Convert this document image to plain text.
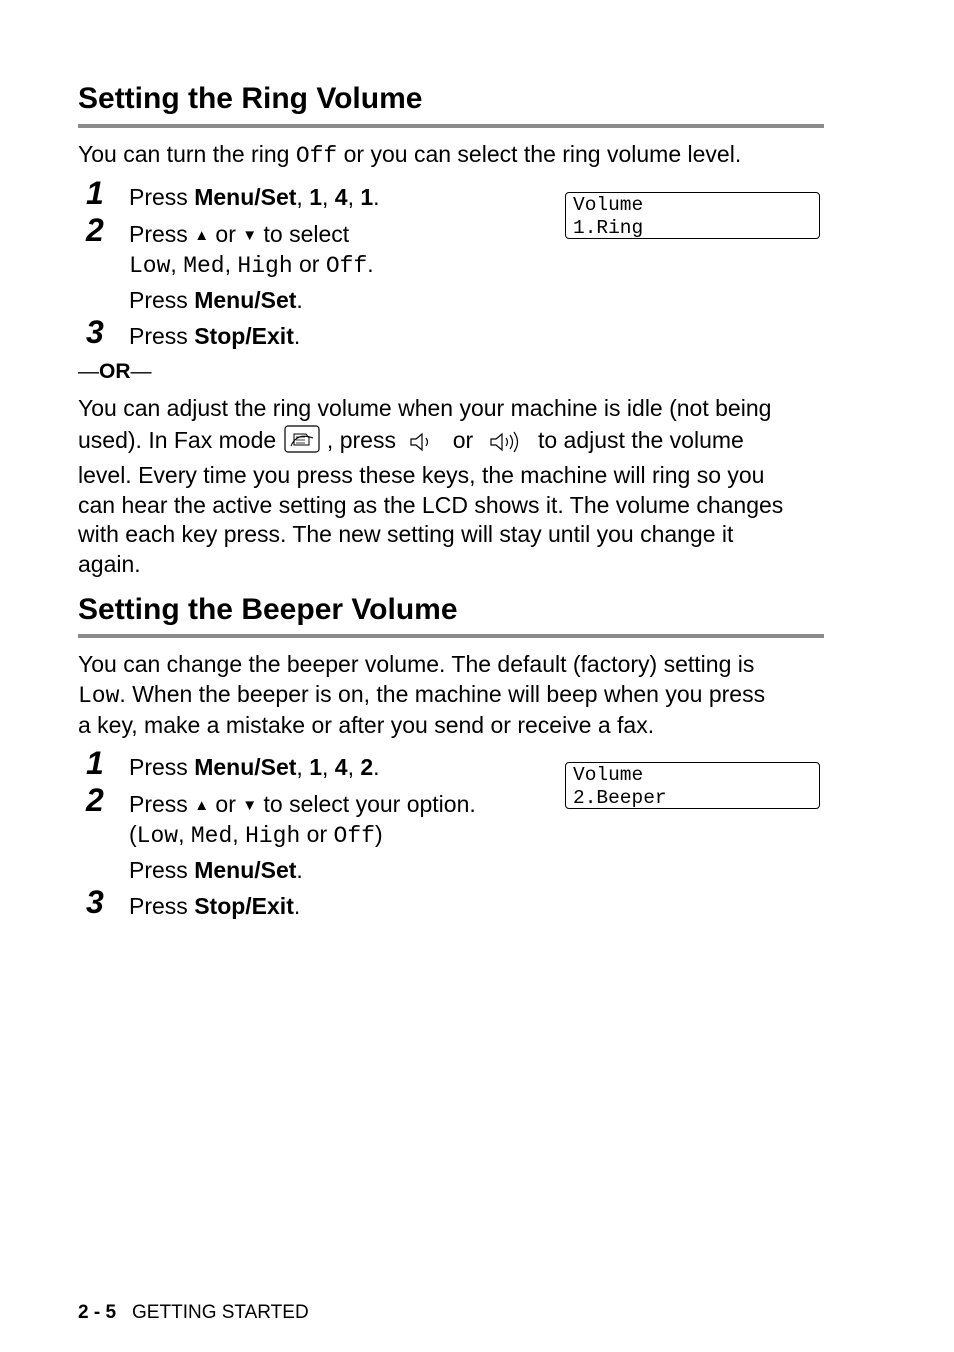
Setting the Ring Volume

You can turn the ring Off or you can select the ring volume level.

1 Press Menu/Set, 1, 4, 1.
2 Press ▲ or ▼ to select
Low, Med, High or Off.
Press Menu/Set.
3 Press Stop/Exit.
Volume
1.Ring
—OR—
You can adjust the ring volume when your machine is idle (not being
used). In Fax mode  , press  or  to adjust the volume
level. Every time you press these keys, the machine will ring so you
can hear the active setting as the LCD shows it. The volume changes
with each key press. The new setting will stay until you change it
again.
Setting the Beeper Volume
You can change the beeper volume. The default (factory) setting is
Low. When the beeper is on, the machine will beep when you press
a key, make a mistake or after you send or receive a fax.
1 Press Menu/Set, 1, 4, 2.
2 Press ▲ or ▼ to select your option.
(Low, Med, High or Off)
Press Menu/Set.
3 Press Stop/Exit.
Volume
2.Beeper
2 - 5 GETTING STARTED
